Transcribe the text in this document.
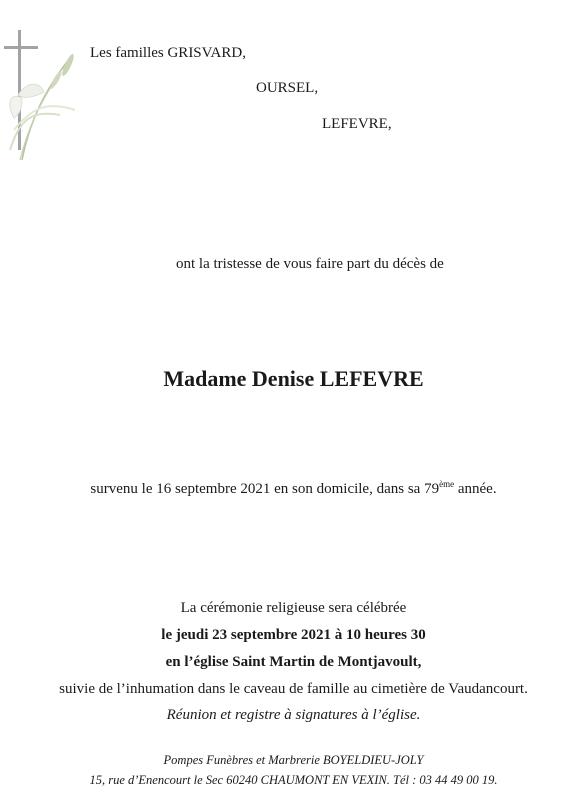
Les familles GRISVARD,
OURSEL,
LEFEVRE,
ont la tristesse de vous faire part du décès de
Madame Denise LEFEVRE
survenu le 16 septembre 2021 en son domicile, dans sa 79ème année.
La cérémonie religieuse sera célébrée
le jeudi 23 septembre 2021 à 10 heures 30
en l’église Saint Martin de Montjavoult,
suivie de l’inhumation dans le caveau de famille au cimetière de Vaudancourt.
Réunion et registre à signatures à l’église.
Pompes Funèbres et Marbrerie BOYELDIEU-JOLY
15, rue d’Enencourt le Sec 60240 CHAUMONT EN VEXIN. Tél : 03 44 49 00 19.
